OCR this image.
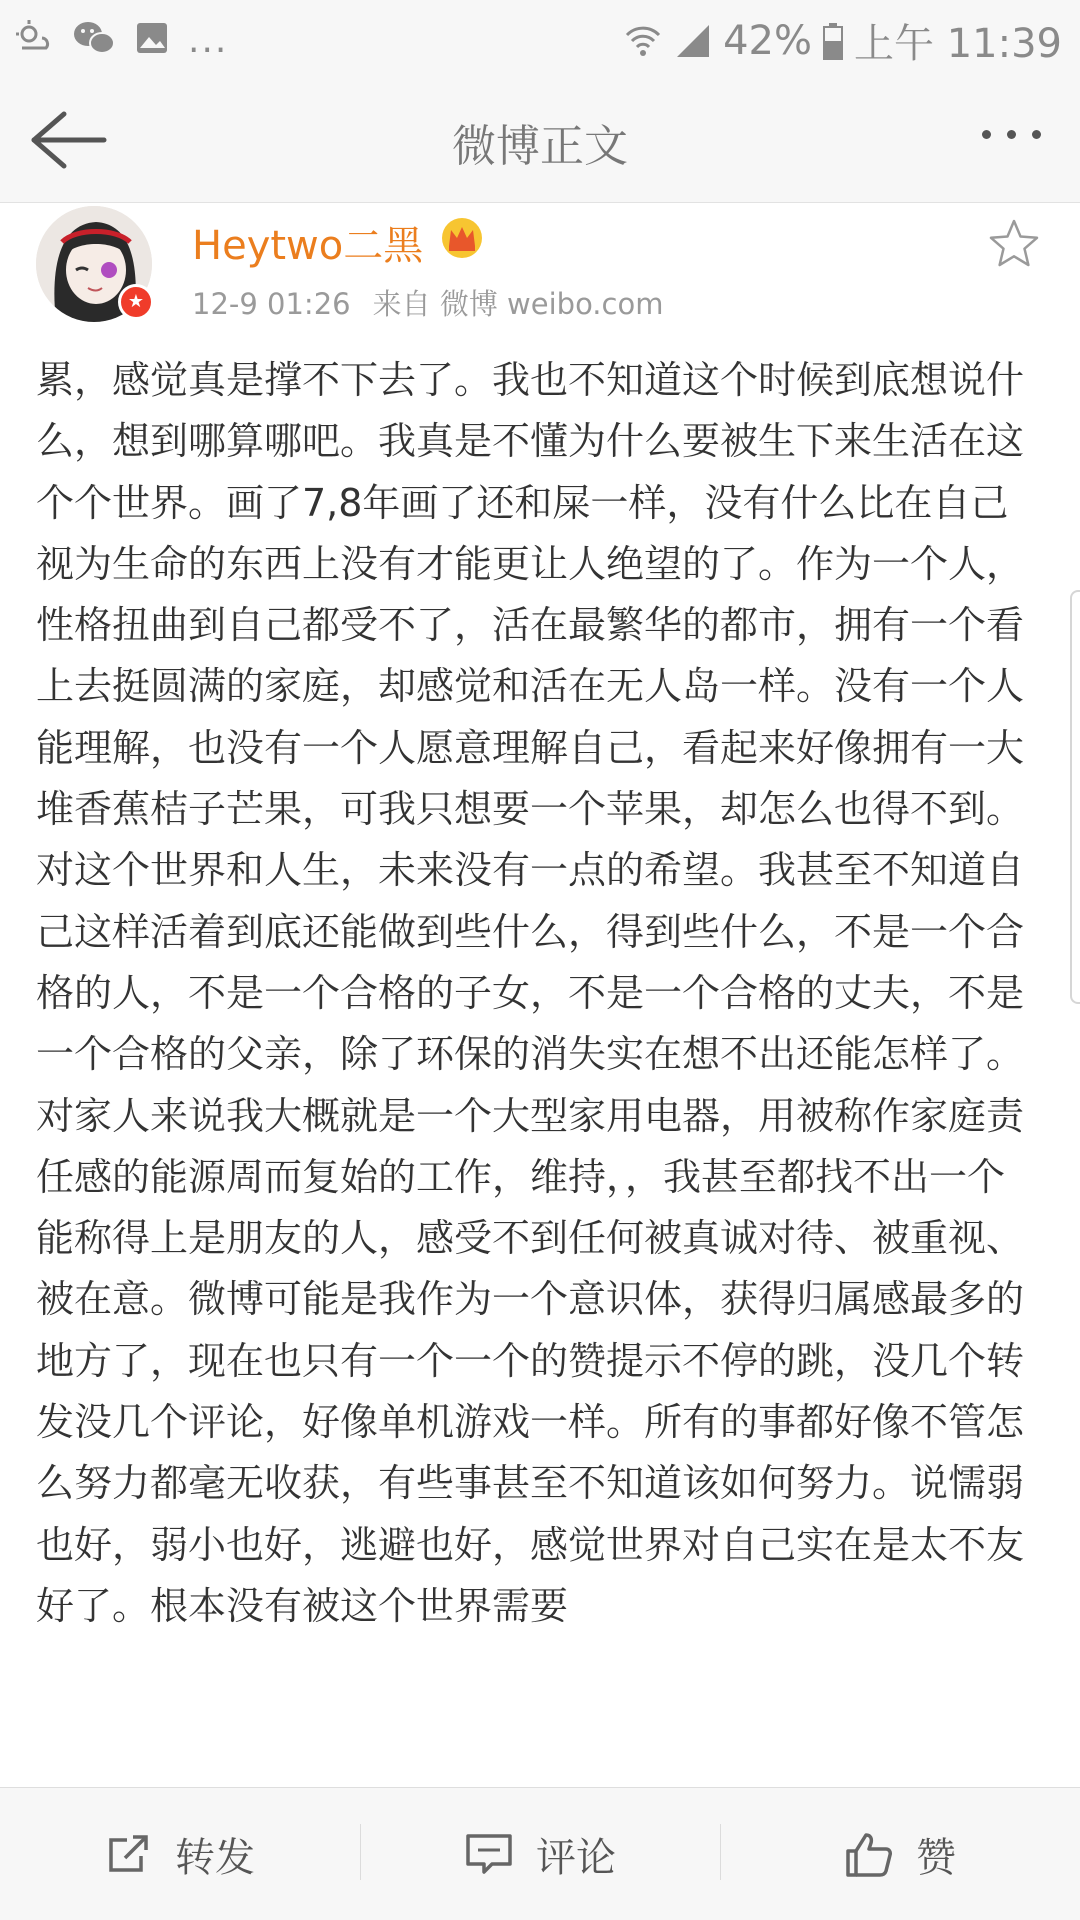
...	42% 上午 11:39
微博正文
★
Heytwo二黑
12-9 01:26 来自 微博 weibo.com
累，感觉真是撑不下去了。我也不知道这个时候到底想说什么，想到哪算哪吧。我真是不懂为什么要被生下来生活在这个个世界。画了7,8年画了还和屎一样，没有什么比在自己视为生命的东西上没有才能更让人绝望的了。作为一个人，性格扭曲到自己都受不了，活在最繁华的都市，拥有一个看上去挺圆满的家庭，却感觉和活在无人岛一样。没有一个人能理解，也没有一个人愿意理解自己，看起来好像拥有一大堆香蕉桔子芒果，可我只想要一个苹果，却怎么也得不到。对这个世界和人生，未来没有一点的希望。我甚至不知道自己这样活着到底还能做到些什么，得到些什么，不是一个合格的人，不是一个合格的子女，不是一个合格的丈夫，不是一个合格的父亲，除了环保的消失实在想不出还能怎样了。对家人来说我大概就是一个大型家用电器，用被称作家庭责任感的能源周而复始的工作，维持，，我甚至都找不出一个能称得上是朋友的人，感受不到任何被真诚对待、被重视、被在意。微博可能是我作为一个意识体，获得归属感最多的地方了，现在也只有一个一个的赞提示不停的跳，没几个转发没几个评论，好像单机游戏一样。所有的事都好像不管怎么努力都毫无收获，有些事甚至不知道该如何努力。说懦弱也好，弱小也好，逃避也好，感觉世界对自己实在是太不友好了。根本没有被这个世界需要
转发	评论	赞
